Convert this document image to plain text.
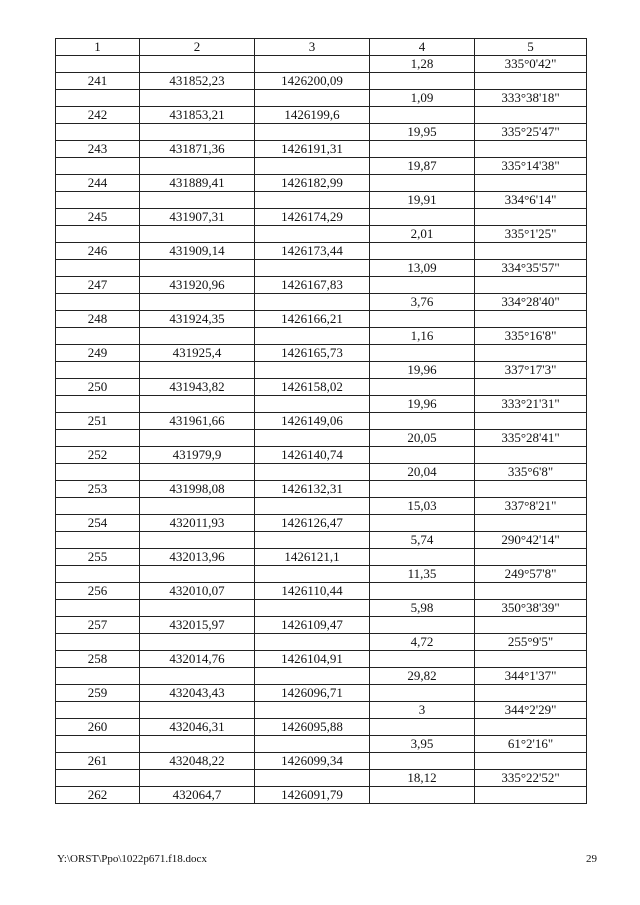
1	2	3	4	5
			1,28	335°0'42"
241	431852,23	1426200,09		
			1,09	333°38'18"
242	431853,21	1426199,6		
			19,95	335°25'47"
243	431871,36	1426191,31		
			19,87	335°14'38"
244	431889,41	1426182,99		
			19,91	334°6'14"
245	431907,31	1426174,29		
			2,01	335°1'25"
246	431909,14	1426173,44		
			13,09	334°35'57"
247	431920,96	1426167,83		
			3,76	334°28'40"
248	431924,35	1426166,21		
			1,16	335°16'8"
249	431925,4	1426165,73		
			19,96	337°17'3"
250	431943,82	1426158,02		
			19,96	333°21'31"
251	431961,66	1426149,06		
			20,05	335°28'41"
252	431979,9	1426140,74		
			20,04	335°6'8"
253	431998,08	1426132,31		
			15,03	337°8'21"
254	432011,93	1426126,47		
			5,74	290°42'14"
255	432013,96	1426121,1		
			11,35	249°57'8"
256	432010,07	1426110,44		
			5,98	350°38'39"
257	432015,97	1426109,47		
			4,72	255°9'5"
258	432014,76	1426104,91		
			29,82	344°1'37"
259	432043,43	1426096,71		
			3	344°2'29"
260	432046,31	1426095,88		
			3,95	61°2'16"
261	432048,22	1426099,34		
			18,12	335°22'52"
262	432064,7	1426091,79		
Y:\ORST\Ppo\1022p671.f18.docx	29
